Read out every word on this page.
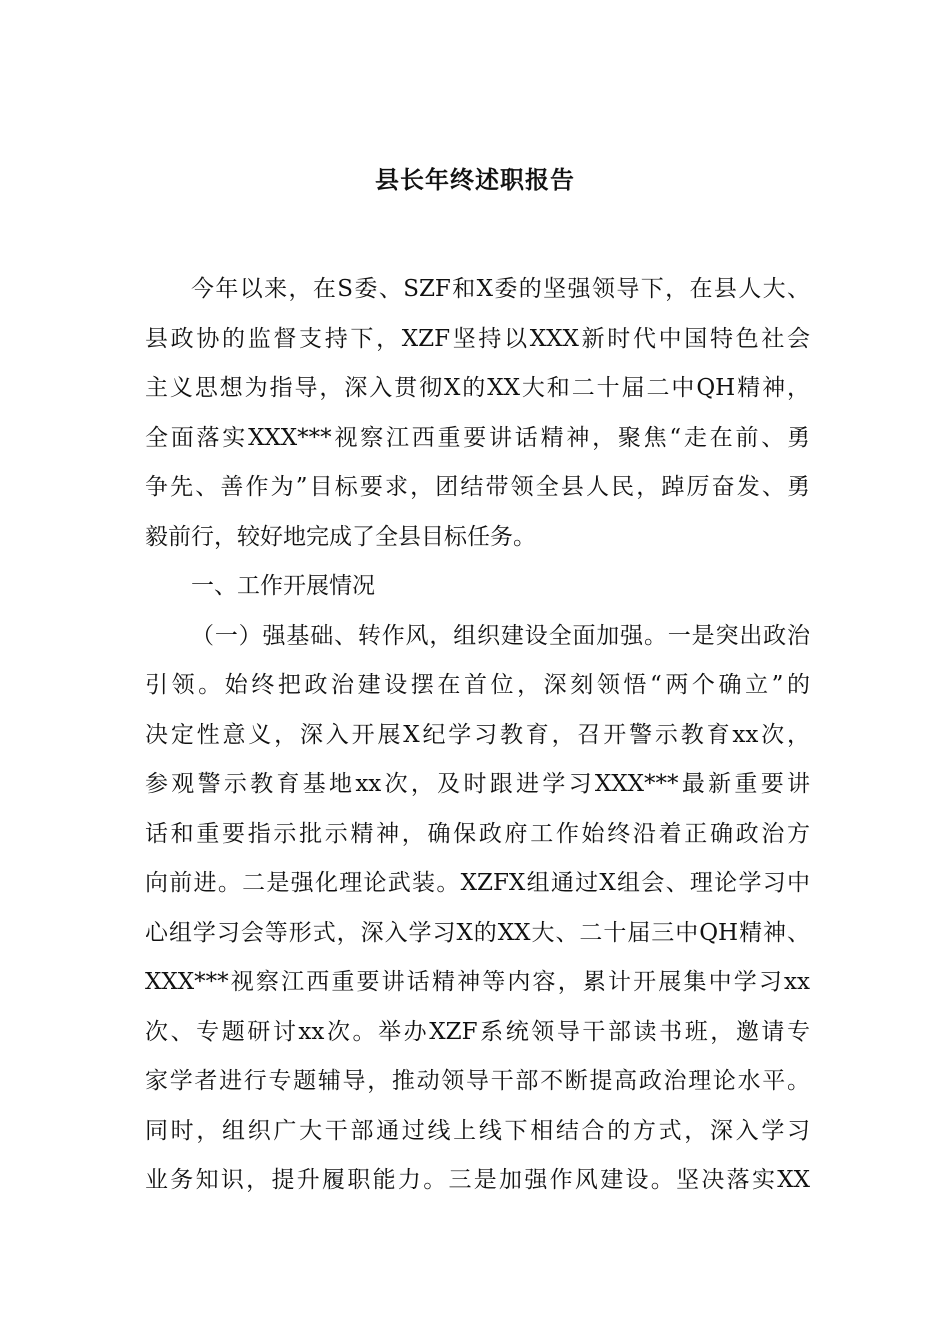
县长年终述职报告
今年以来，在S委、SZF和X委的坚强领导下，在县人大、
县政协的监督支持下，XZF坚持以XXX新时代中国特色社会
主义思想为指导，深入贯彻X的XX大和二十届二中QH精神，
全面落实XXX***视察江西重要讲话精神，聚焦“走在前、勇
争先、善作为”目标要求，团结带领全县人民，踔厉奋发、勇
毅前行，较好地完成了全县目标任务。
一、工作开展情况
（一）强基础、转作风，组织建设全面加强。一是突出政治
引领。始终把政治建设摆在首位，深刻领悟“两个确立”的
决定性意义，深入开展X纪学习教育，召开警示教育xx次，
参观警示教育基地xx次，及时跟进学习XXX***最新重要讲
话和重要指示批示精神，确保政府工作始终沿着正确政治方
向前进。二是强化理论武装。XZFX组通过X组会、理论学习中
心组学习会等形式，深入学习X的XX大、二十届三中QH精神、
XXX***视察江西重要讲话精神等内容，累计开展集中学习xx
次、专题研讨xx次。举办XZF系统领导干部读书班，邀请专
家学者进行专题辅导，推动领导干部不断提高政治理论水平。
同时，组织广大干部通过线上线下相结合的方式，深入学习
业务知识，提升履职能力。三是加强作风建设。坚决落实XX
